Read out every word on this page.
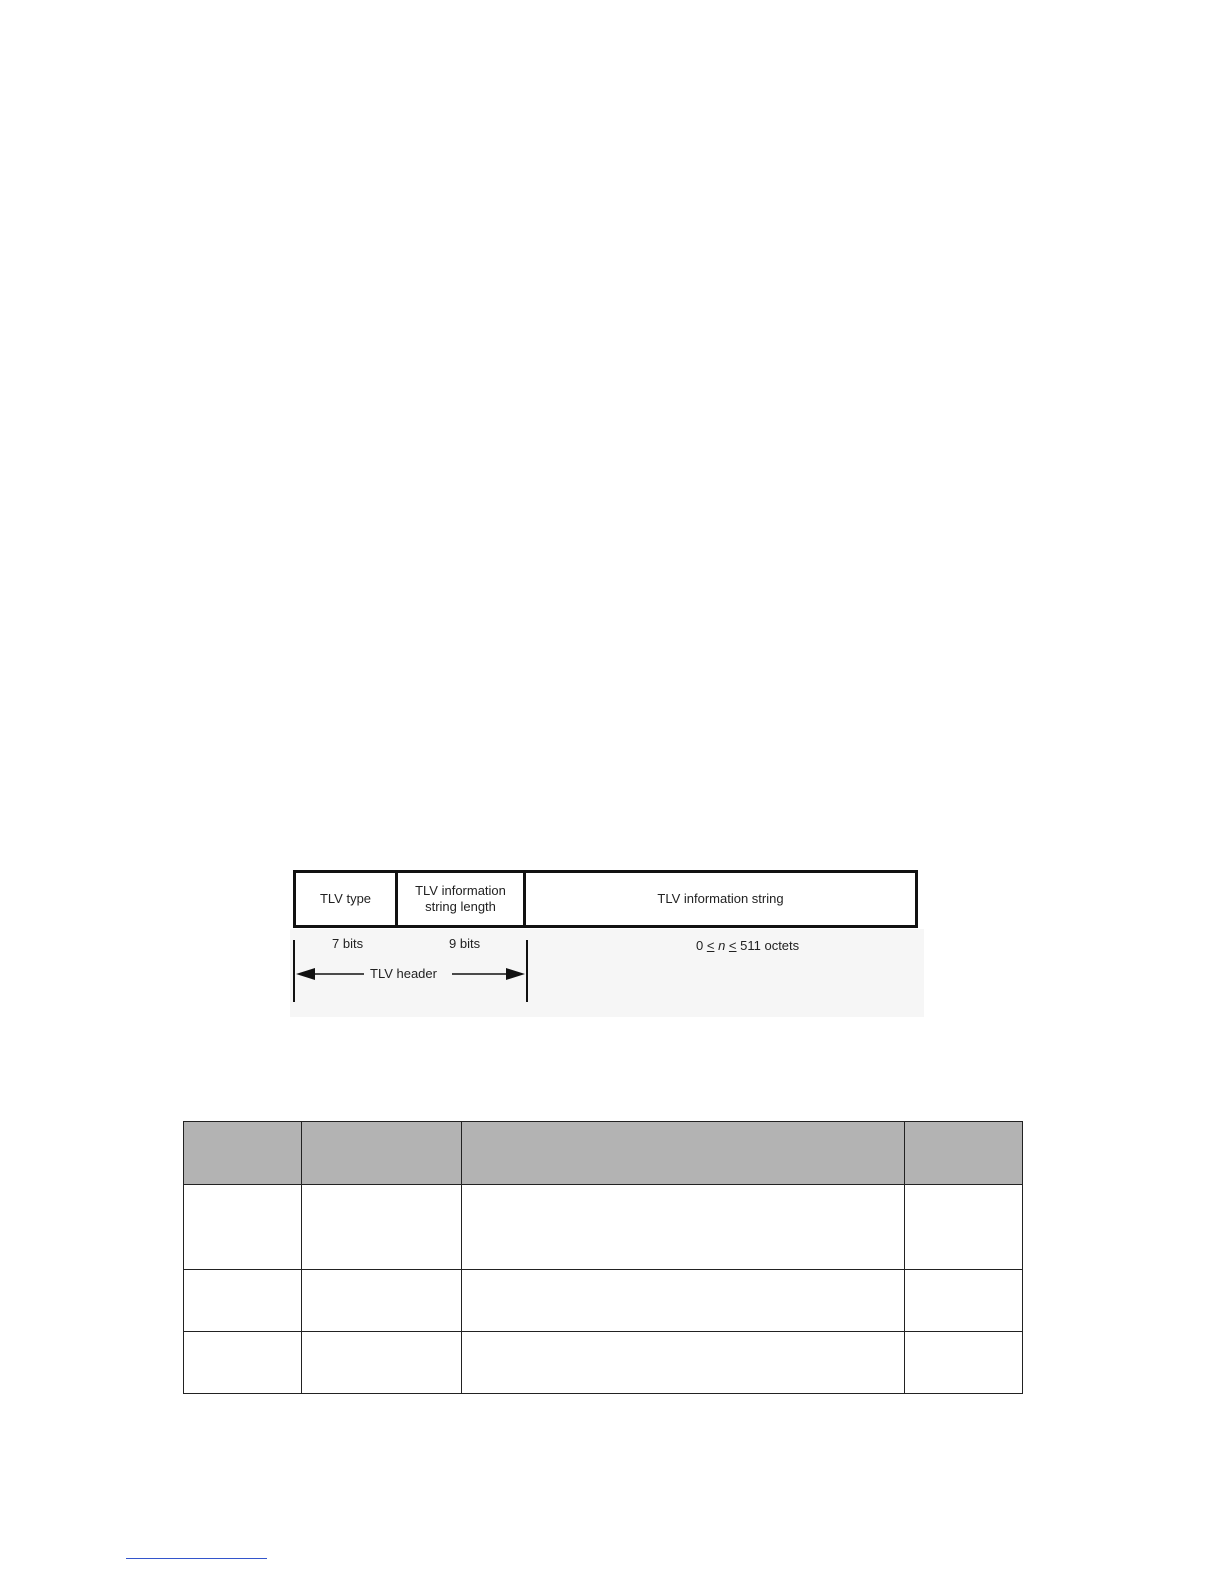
TLV type
TLV information
string length
TLV information string
7 bits	9 bits	0 < n < 511 octets
TLV header
